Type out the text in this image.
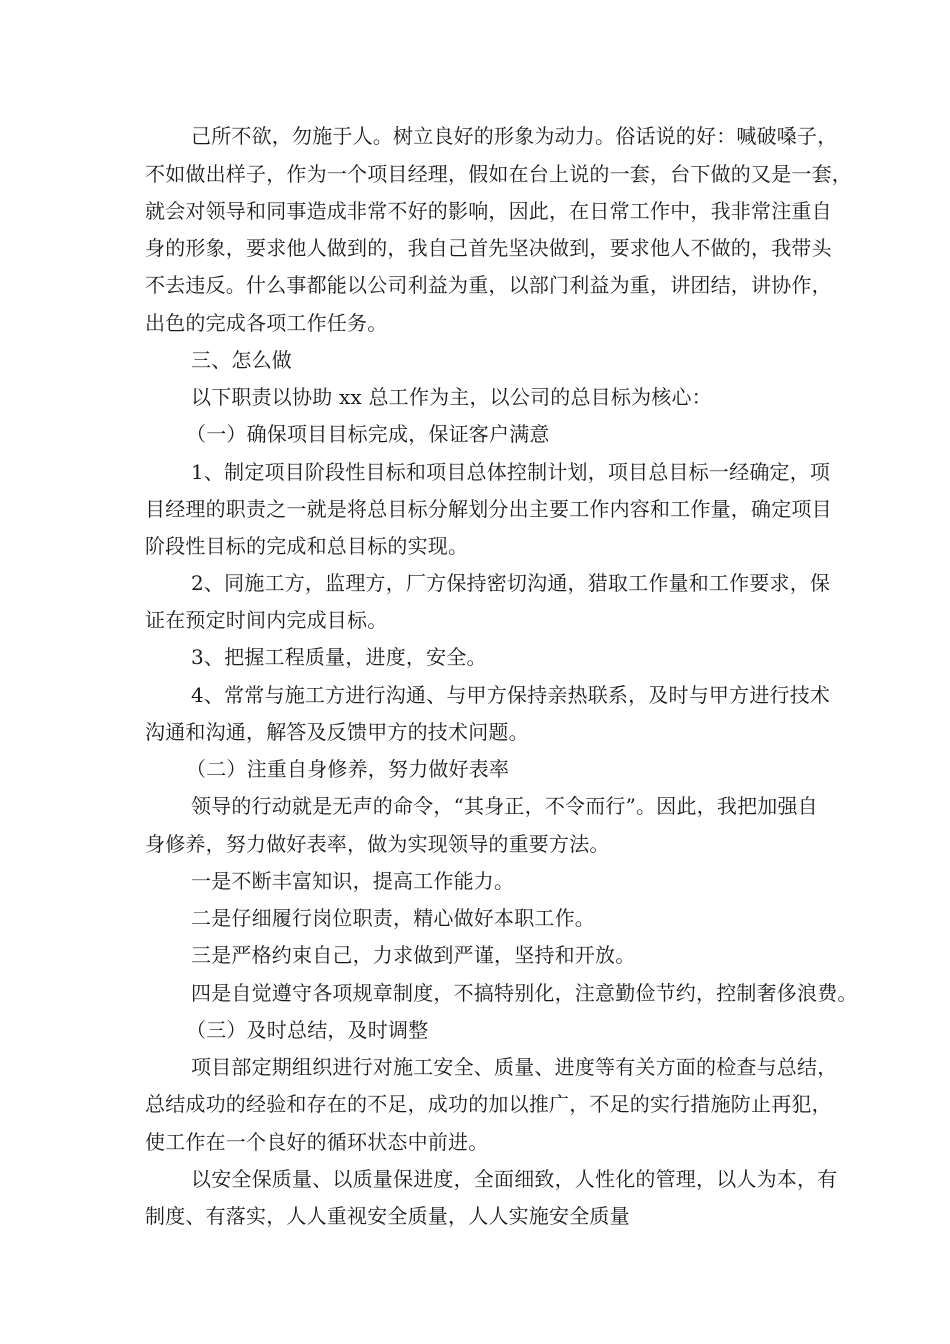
己所不欲，勿施于人。树立良好的形象为动力。俗话说的好：喊破嗓子，
不如做出样子，作为一个项目经理，假如在台上说的一套，台下做的又是一套，
就会对领导和同事造成非常不好的影响，因此，在日常工作中，我非常注重自
身的形象，要求他人做到的，我自己首先坚决做到，要求他人不做的，我带头
不去违反。什么事都能以公司利益为重，以部门利益为重，讲团结，讲协作，
出色的完成各项工作任务。
三、怎么做
以下职责以协助 xx 总工作为主，以公司的总目标为核心：
（一）确保项目目标完成，保证客户满意
1、制定项目阶段性目标和项目总体控制计划，项目总目标一经确定，项
目经理的职责之一就是将总目标分解划分出主要工作内容和工作量，确定项目
阶段性目标的完成和总目标的实现。
2、同施工方，监理方，厂方保持密切沟通，猎取工作量和工作要求，保
证在预定时间内完成目标。
3、把握工程质量，进度，安全。
4、常常与施工方进行沟通、与甲方保持亲热联系，及时与甲方进行技术
沟通和沟通，解答及反馈甲方的技术问题。
（二）注重自身修养，努力做好表率
领导的行动就是无声的命令，“其身正，不令而行”。因此，我把加强自
身修养，努力做好表率，做为实现领导的重要方法。
一是不断丰富知识，提高工作能力。
二是仔细履行岗位职责，精心做好本职工作。
三是严格约束自己，力求做到严谨，坚持和开放。
四是自觉遵守各项规章制度，不搞特别化，注意勤俭节约，控制奢侈浪费。
（三）及时总结，及时调整
项目部定期组织进行对施工安全、质量、进度等有关方面的检查与总结，
总结成功的经验和存在的不足，成功的加以推广，不足的实行措施防止再犯，
使工作在一个良好的循环状态中前进。
以安全保质量、以质量保进度，全面细致，人性化的管理，以人为本，有
制度、有落实，人人重视安全质量，人人实施安全质量
